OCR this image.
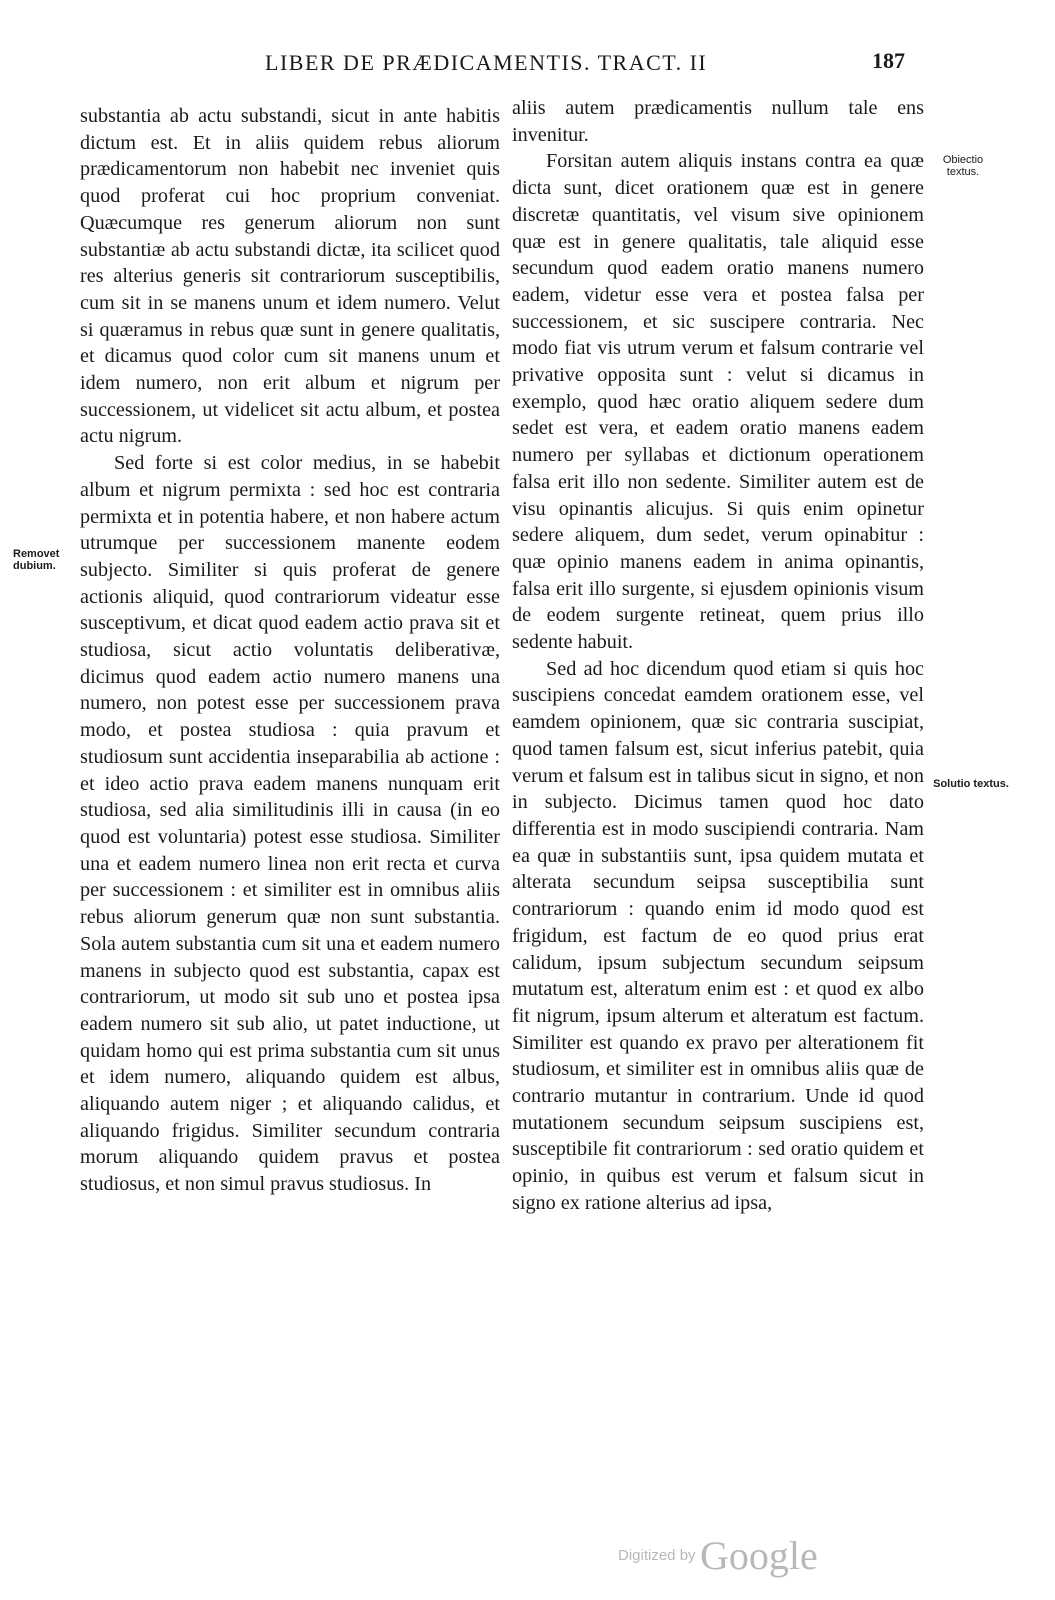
LIBER DE PRÆDICAMENTIS. TRACT. II	187

substantia ab actu substandi, sicut in ante habitis dictum est. Et in aliis quidem rebus aliorum prædicamentorum non habebit nec inveniet quis quod proferat cui hoc proprium conveniat. Quæcumque res generum aliorum non sunt substantiæ ab actu substandi dictæ, ita scilicet quod res alterius generis sit contrariorum susceptibilis, cum sit in se manens unum et idem numero. Velut si quæramus in rebus quæ sunt in genere qualitatis, et dicamus quod color cum sit manens unum et idem numero, non erit album et nigrum per successionem, ut videlicet sit actu album, et postea actu nigrum.

Sed forte si est color medius, in se habebit album et nigrum permixta : sed hoc est contraria permixta et in potentia habere, et non habere actum utrumque per successionem manente eodem subjecto. Similiter si quis proferat de genere actionis aliquid, quod contrariorum videatur esse susceptivum, et dicat quod eadem actio prava sit et studiosa, sicut actio voluntatis deliberativæ, dicimus quod eadem actio numero manens una numero, non potest esse per successionem prava modo, et postea studiosa : quia pravum et studiosum sunt accidentia inseparabilia ab actione : et ideo actio prava eadem manens nunquam erit studiosa, sed alia similitudinis illi in causa (in eo quod est voluntaria) potest esse studiosa. Similiter una et eadem numero linea non erit recta et curva per successionem : et similiter est in omnibus aliis rebus aliorum generum quæ non sunt substantia. Sola autem substantia cum sit una et eadem numero manens in subjecto quod est substantia, capax est contrariorum, ut modo sit sub uno et postea ipsa eadem numero sit sub alio, ut patet inductione, ut quidam homo qui est prima substantia cum sit unus et idem numero, aliquando quidem est albus, aliquando autem niger ; et aliquando calidus, et aliquando frigidus. Similiter secundum contraria morum aliquando quidem pravus et postea studiosus, et non simul pravus studiosus. In

aliis autem prædicamentis nullum tale ens invenitur.

Forsitan autem aliquis instans contra ea quæ dicta sunt, dicet orationem quæ est in genere discretæ quantitatis, vel visum sive opinionem quæ est in genere qualitatis, tale aliquid esse secundum quod eadem oratio manens numero eadem, videtur esse vera et postea falsa per successionem, et sic suscipere contraria. Nec modo fiat vis utrum verum et falsum contrarie vel privative opposita sunt : velut si dicamus in exemplo, quod hæc oratio aliquem sedere dum sedet est vera, et eadem oratio manens eadem numero per syllabas et dictionum operationem falsa erit illo non sedente. Similiter autem est de visu opinantis alicujus. Si quis enim opinetur sedere aliquem, dum sedet, verum opinabitur : quæ opinio manens eadem in anima opinantis, falsa erit illo surgente, si ejusdem opinionis visum de eodem surgente retineat, quem prius illo sedente habuit.

Sed ad hoc dicendum quod etiam si quis hoc suscipiens concedat eamdem orationem esse, vel eamdem opinionem, quæ sic contraria suscipiat, quod tamen falsum est, sicut inferius patebit, quia verum et falsum est in talibus sicut in signo, et non in subjecto. Dicimus tamen quod hoc dato differentia est in modo suscipiendi contraria. Nam ea quæ in substantiis sunt, ipsa quidem mutata et alterata secundum seipsa susceptibilia sunt contrariorum : quando enim id modo quod est frigidum, est factum de eo quod prius erat calidum, ipsum subjectum secundum seipsum mutatum est, alteratum enim est : et quod ex albo fit nigrum, ipsum alterum et alteratum est factum. Similiter est quando ex pravo per alterationem fit studiosum, et similiter est in omnibus aliis quæ de contrario mutantur in contrarium. Unde id quod mutationem secundum seipsum suscipiens est, susceptibile fit contrariorum : sed oratio quidem et opinio, in quibus est verum et falsum sicut in signo ex ratione alterius ad ipsa,

Removet dubium.
Obiectio textus.
Solutio textus.
Digitized by Google
